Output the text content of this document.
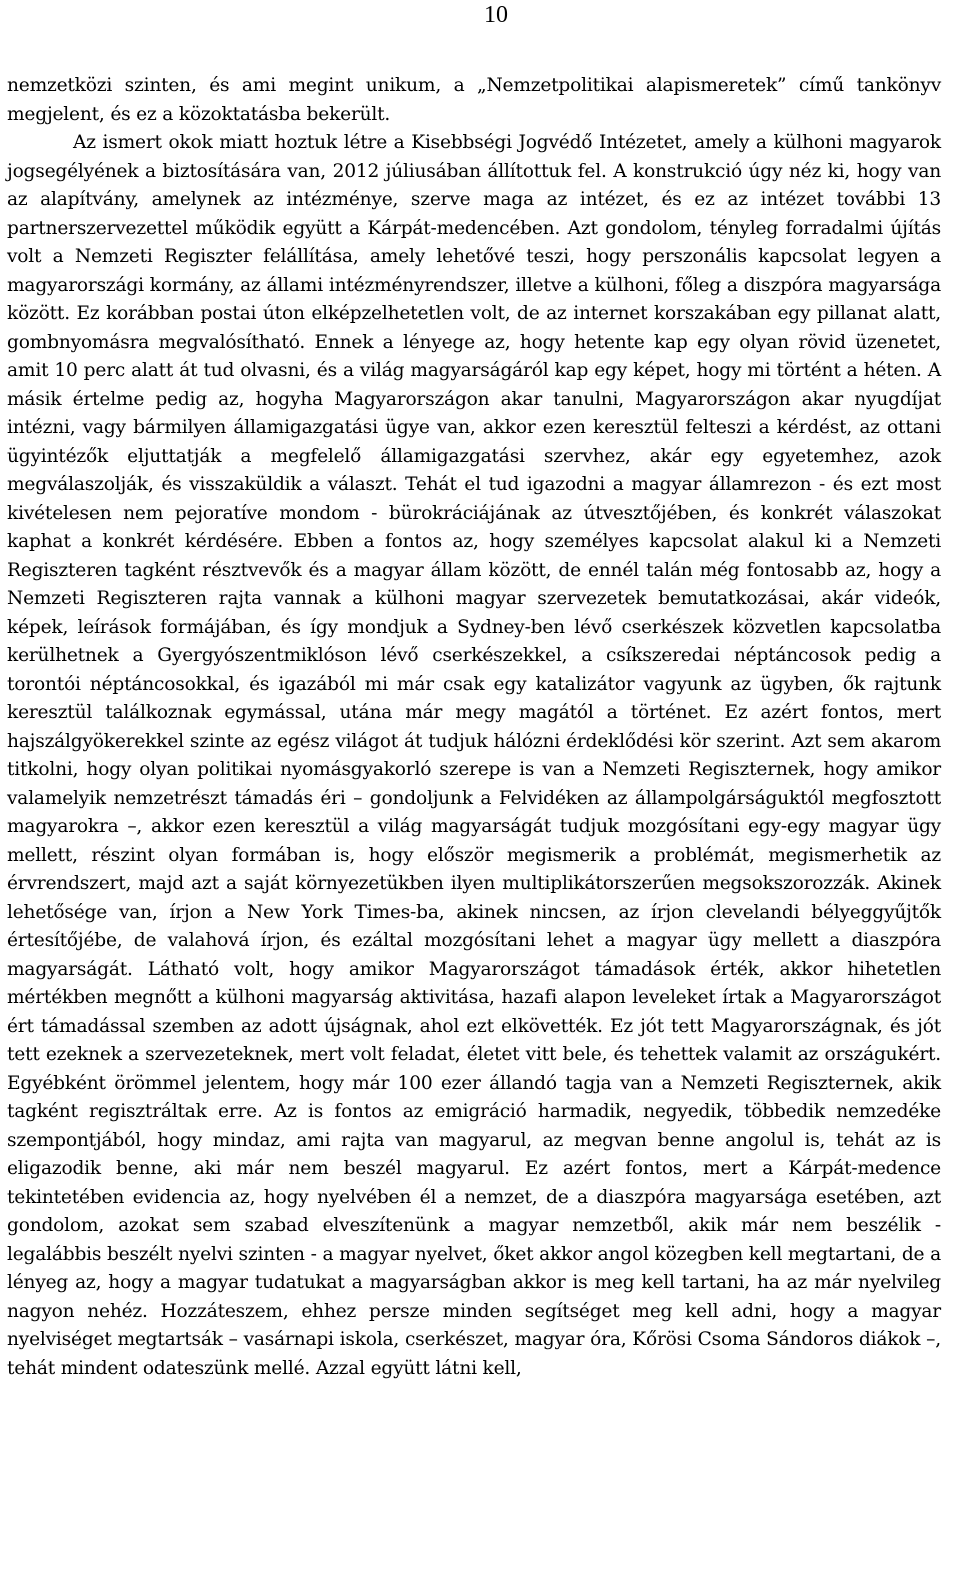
10

nemzetközi szinten, és ami megint unikum, a „Nemzetpolitikai alapismeretek” című tankönyv megjelent, és ez a közoktatásba bekerült.

Az ismert okok miatt hoztuk létre a Kisebbségi Jogvédő Intézetet, amely a külhoni magyarok jogsegélyének a biztosítására van, 2012 júliusában állítottuk fel. A konstrukció úgy néz ki, hogy van az alapítvány, amelynek az intézménye, szerve maga az intézet, és ez az intézet további 13 partnerszervezettel működik együtt a Kárpát-medencében. Azt gondolom, tényleg forradalmi újítás volt a Nemzeti Regiszter felállítása, amely lehetővé teszi, hogy perszonális kapcsolat legyen a magyarországi kormány, az állami intézményrendszer, illetve a külhoni, főleg a diszpóra magyarsága között. Ez korábban postai úton elképzelhetetlen volt, de az internet korszakában egy pillanat alatt, gombnyomásra megvalósítható. Ennek a lényege az, hogy hetente kap egy olyan rövid üzenetet, amit 10 perc alatt át tud olvasni, és a világ magyarságáról kap egy képet, hogy mi történt a héten. A másik értelme pedig az, hogyha Magyarországon akar tanulni, Magyarországon akar nyugdíjat intézni, vagy bármilyen államigazgatási ügye van, akkor ezen keresztül felteszi a kérdést, az ottani ügyintézők eljuttatják a megfelelő államigazgatási szervhez, akár egy egyetemhez, azok megválaszolják, és visszaküldik a választ. Tehát el tud igazodni a magyar államrezon - és ezt most kivételesen nem pejoratíve mondom - bürokráciájának az útvesztőjében, és konkrét válaszokat kaphat a konkrét kérdésére. Ebben a fontos az, hogy személyes kapcsolat alakul ki a Nemzeti Regiszteren tagként résztvevők és a magyar állam között, de ennél talán még fontosabb az, hogy a Nemzeti Regiszteren rajta vannak a külhoni magyar szervezetek bemutatkozásai, akár videók, képek, leírások formájában, és így mondjuk a Sydney-ben lévő cserkészek közvetlen kapcsolatba kerülhetnek a Gyergyószentmiklóson lévő cserkészekkel, a csíkszeredai néptáncosok pedig a torontói néptáncosokkal, és igazából mi már csak egy katalizátor vagyunk az ügyben, ők rajtunk keresztül találkoznak egymással, utána már megy magától a történet. Ez azért fontos, mert hajszálgyökerekkel szinte az egész világot át tudjuk hálózni érdeklődési kör szerint. Azt sem akarom titkolni, hogy olyan politikai nyomásgyakorló szerepe is van a Nemzeti Regiszternek, hogy amikor valamelyik nemzetrészt támadás éri – gondoljunk a Felvidéken az állampolgárságuktól megfosztott magyarokra –, akkor ezen keresztül a világ magyarságát tudjuk mozgósítani egy-egy magyar ügy mellett, részint olyan formában is, hogy először megismerik a problémát, megismerhetik az érvrendszert, majd azt a saját környezetükben ilyen multiplikátorszerűen megsokszorozzák. Akinek lehetősége van, írjon a New York Times-ba, akinek nincsen, az írjon clevelandi bélyeggyűjtők értesítőjébe, de valahová írjon, és ezáltal mozgósítani lehet a magyar ügy mellett a diaszpóra magyarságát. Látható volt, hogy amikor Magyarországot támadások érték, akkor hihetetlen mértékben megnőtt a külhoni magyarság aktivitása, hazafi alapon leveleket írtak a Magyarországot ért támadással szemben az adott újságnak, ahol ezt elkövették. Ez jót tett Magyarországnak, és jót tett ezeknek a szervezeteknek, mert volt feladat, életet vitt bele, és tehettek valamit az országukért. Egyébként örömmel jelentem, hogy már 100 ezer állandó tagja van a Nemzeti Regiszternek, akik tagként regisztráltak erre. Az is fontos az emigráció harmadik, negyedik, többedik nemzedéke szempontjából, hogy mindaz, ami rajta van magyarul, az megvan benne angolul is, tehát az is eligazodik benne, aki már nem beszél magyarul. Ez azért fontos, mert a Kárpát-medence tekintetében evidencia az, hogy nyelvében él a nemzet, de a diaszpóra magyarsága esetében, azt gondolom, azokat sem szabad elveszítenünk a magyar nemzetből, akik már nem beszélik - legalábbis beszélt nyelvi szinten - a magyar nyelvet, őket akkor angol közegben kell megtartani, de a lényeg az, hogy a magyar tudatukat a magyarságban akkor is meg kell tartani, ha az már nyelvileg nagyon nehéz. Hozzáteszem, ehhez persze minden segítséget meg kell adni, hogy a magyar nyelviséget megtartsák – vasárnapi iskola, cserkészet, magyar óra, Kőrösi Csoma Sándoros diákok –, tehát mindent odateszünk mellé. Azzal együtt látni kell,
